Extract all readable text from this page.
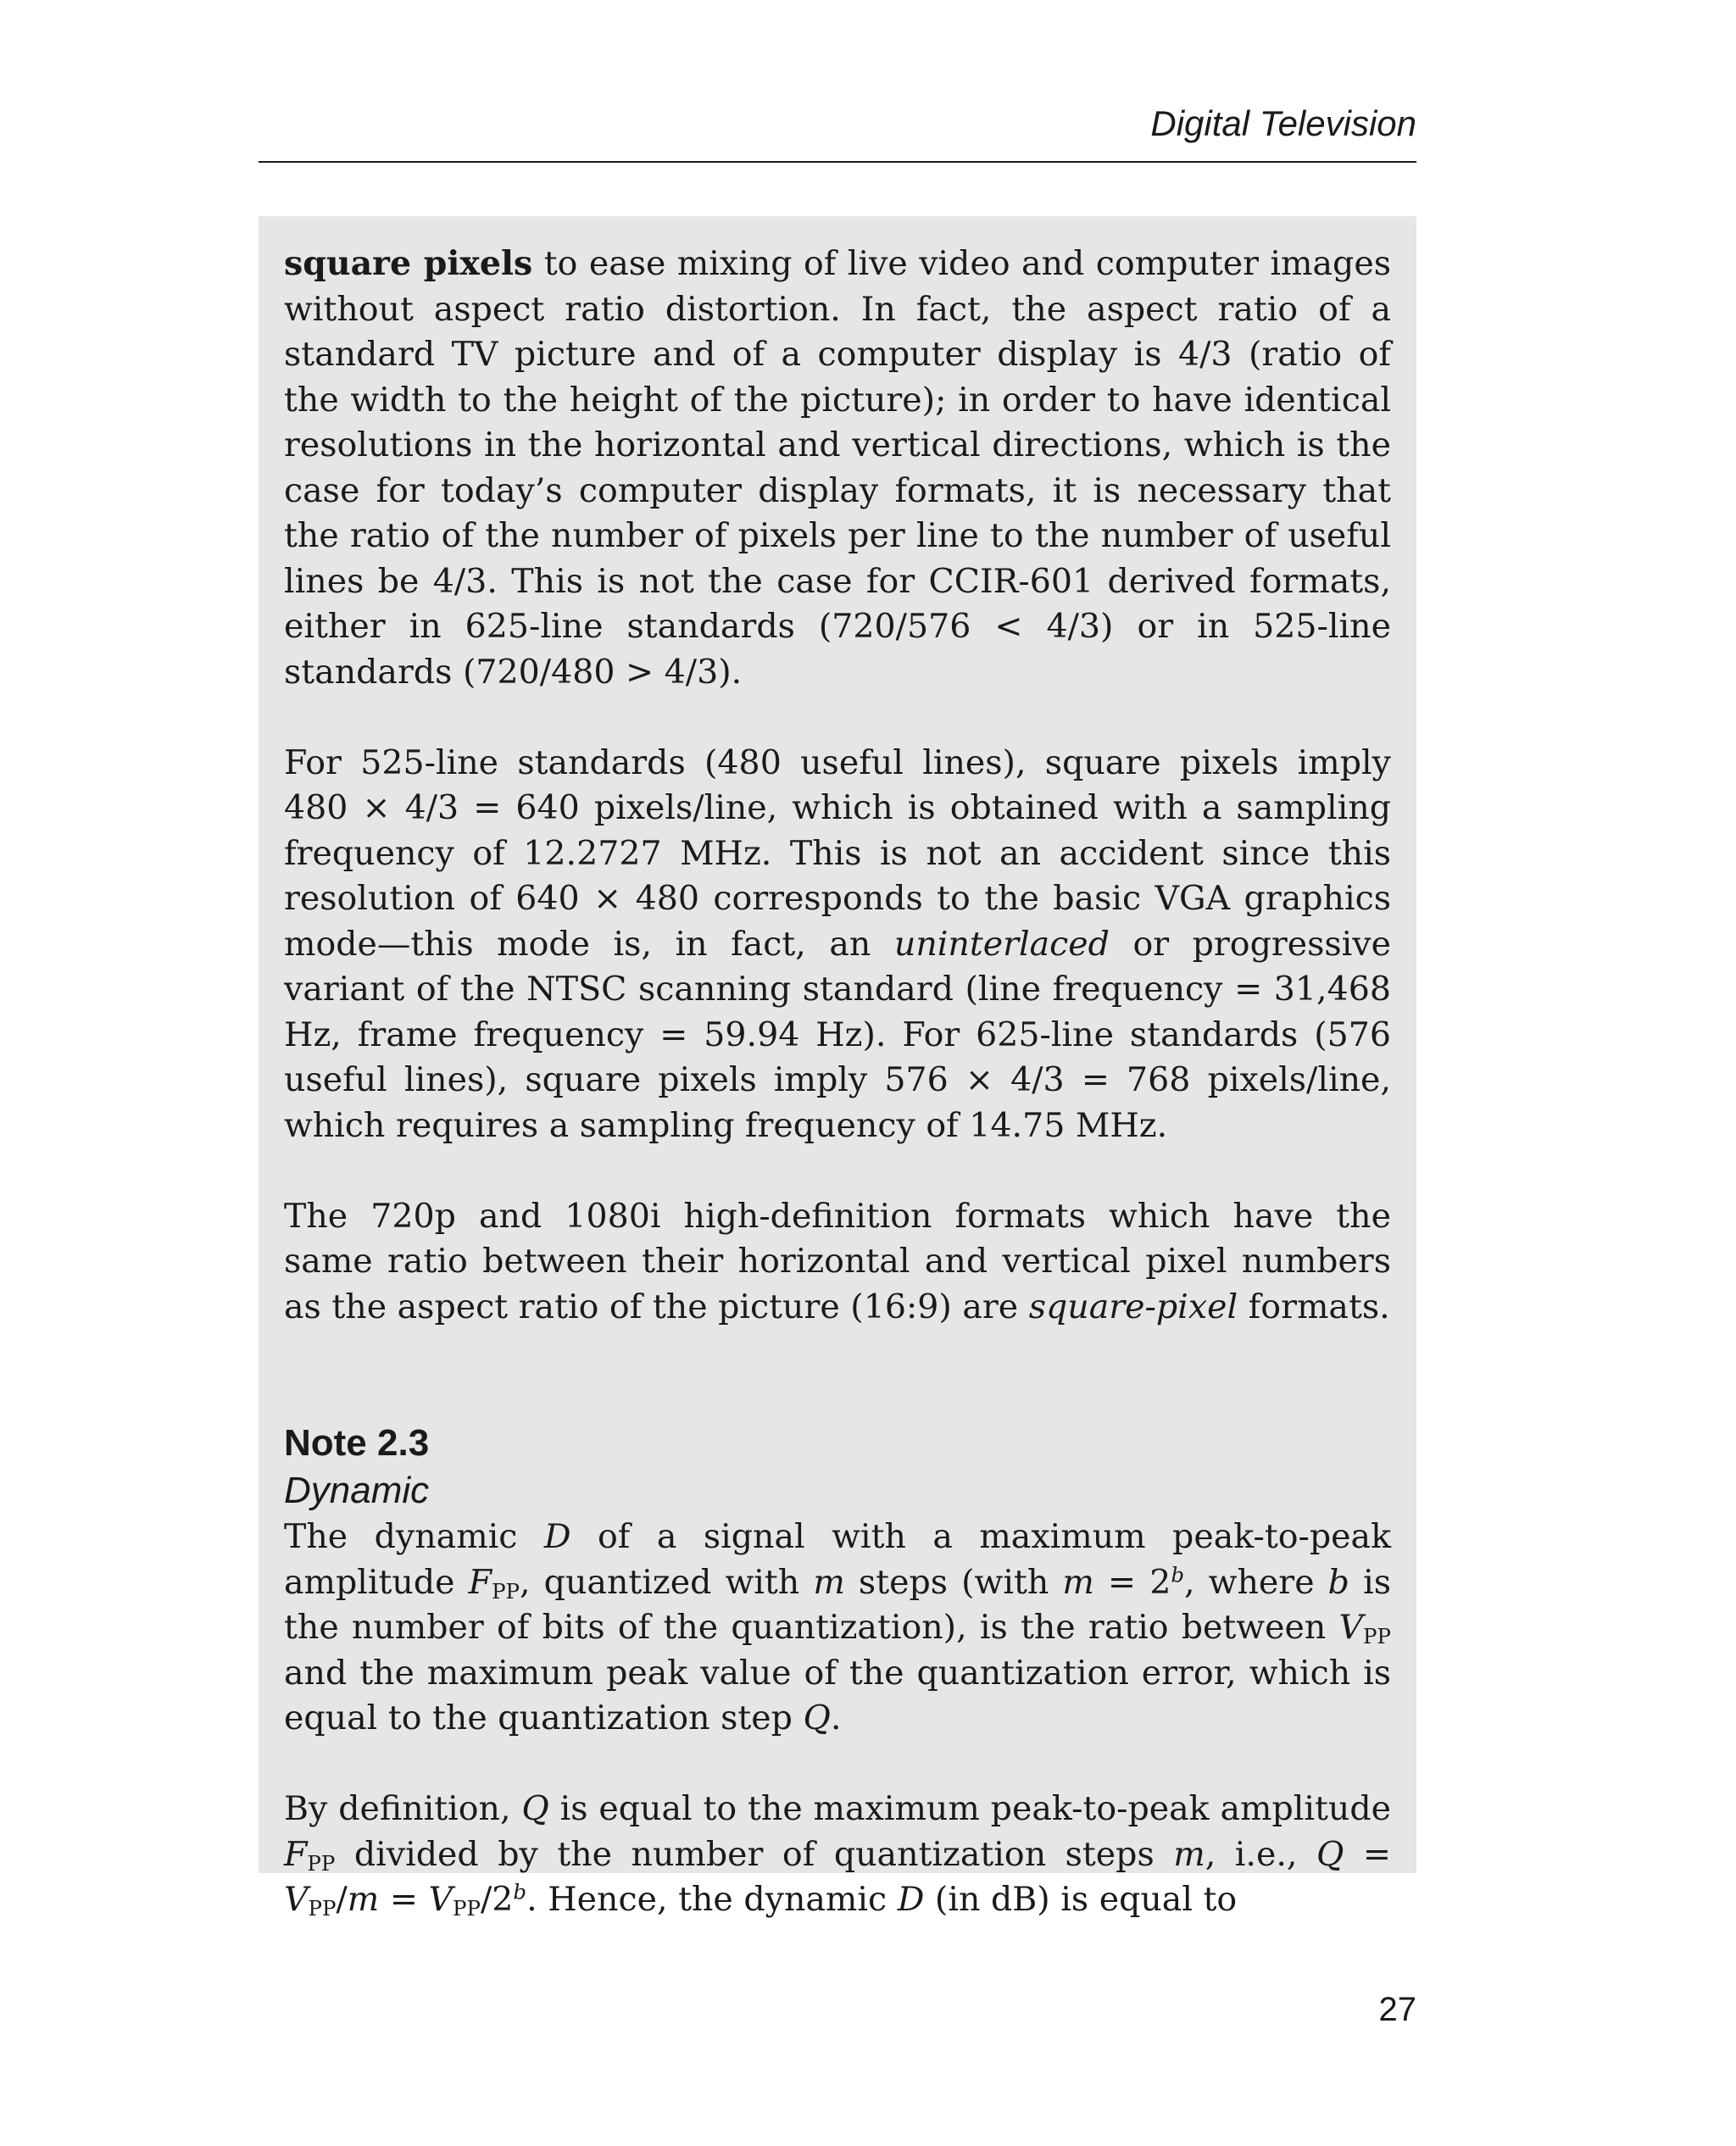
Digital Television

square pixels to ease mixing of live video and computer images without aspect ratio distortion. In fact, the aspect ratio of a standard TV picture and of a computer display is 4/3 (ratio of the width to the height of the picture); in order to have identical resolutions in the horizontal and vertical directions, which is the case for today’s computer display formats, it is necessary that the ratio of the number of pixels per line to the number of useful lines be 4/3. This is not the case for CCIR-601 derived formats, either in 625-line standards (720/576 < 4/3) or in 525-line standards (720/480 > 4/3).

For 525-line standards (480 useful lines), square pixels imply 480 × 4/3 = 640 pixels/line, which is obtained with a sampling frequency of 12.2727 MHz. This is not an accident since this resolution of 640 × 480 corresponds to the basic VGA graphics mode—this mode is, in fact, an uninterlaced or progressive variant of the NTSC scanning standard (line frequency = 31,468 Hz, frame frequency = 59.94 Hz). For 625-line standards (576 useful lines), square pixels imply 576 × 4/3 = 768 pixels/line, which requires a sampling frequency of 14.75 MHz.

The 720p and 1080i high-definition formats which have the same ratio between their horizontal and vertical pixel numbers as the aspect ratio of the picture (16:9) are square-pixel formats.

Note 2.3
Dynamic

The dynamic D of a signal with a maximum peak-to-peak amplitude $F_{PP}$, quantized with m steps (with $m = 2^b$, where b is the number of bits of the quantization), is the ratio between $V_{PP}$ and the maximum peak value of the quantization error, which is equal to the quantization step Q.

By definition, Q is equal to the maximum peak-to-peak amplitude $F_{PP}$ divided by the number of quantization steps m, i.e., $Q = V_{PP}/m = V_{PP}/2^b$. Hence, the dynamic D (in dB) is equal to

27
